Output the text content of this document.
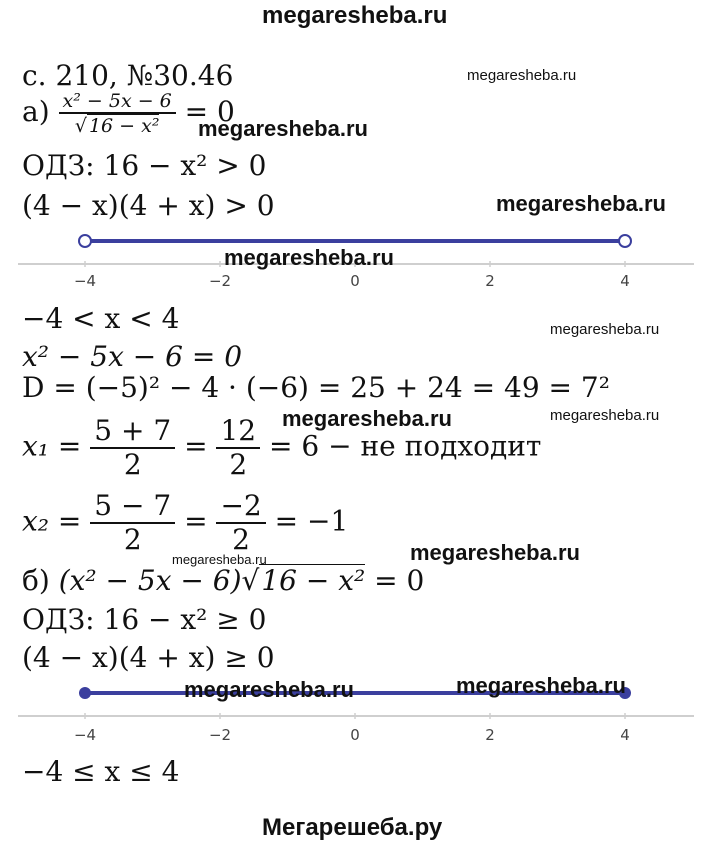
megaresheba.ru
с. 210, №30.46	megaresheba.ru
$а) \frac{\text{x² − 5x − 6}}{\text{√ 16 − x²}} = 0$
megaresheba.ru
ОДЗ: 16 − x² > 0
(4 − x)(4 + x) > 0	megaresheba.ru
−4	−2	0	2	4
megaresheba.ru
−4 < x < 4	megaresheba.ru
x² − 5x − 6 = 0
D = (−5)² − 4 · (−6) = 25 + 24 = 49 = 7²
megaresheba.ru	megaresheba.ru
$x_1 = \frac{5 + 7}{2} = \frac{12}{2} = 6$ − не подходит
$x_2 = \frac{5 - 7}{2} = \frac{-2}{2} = -1$
megaresheba.ru	megaresheba.ru
б) (x² − 5x − 6)√16 − x² = 0
ОДЗ: 16 − x² ≥ 0
(4 − x)(4 + x) ≥ 0
−4	−2	0	2	4
megaresheba.ru	megaresheba.ru
−4 ≤ x ≤ 4
Мегарешеба.ру
